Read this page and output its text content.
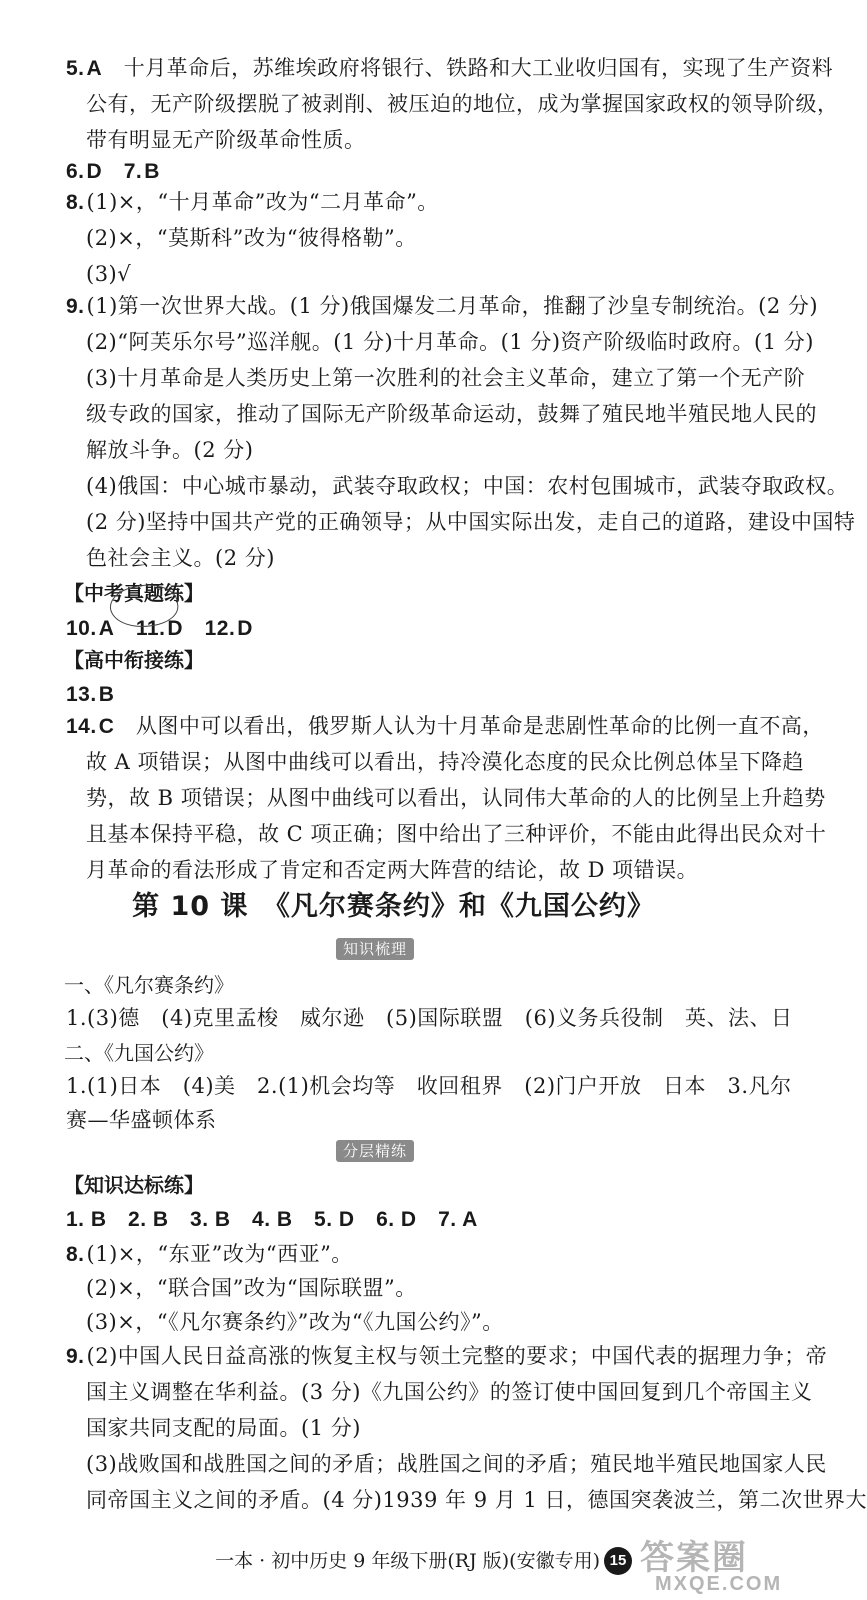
5.A　 十月革命后，苏维埃政府将银行、铁路和大工业收归国有，实现了生产资料
公有，无产阶级摆脱了被剥削、被压迫的地位，成为掌握国家政权的领导阶级，
带有明显无产阶级革命性质。
6.D　 7.B
8.(1)×，“十月革命”改为“二月革命”。
(2)×，“莫斯科”改为“彼得格勒”。
(3)√
9.(1)第一次世界大战。(1 分)俄国爆发二月革命，推翻了沙皇专制统治。(2 分)
(2)“阿芙乐尔号”巡洋舰。(1 分)十月革命。(1 分)资产阶级临时政府。(1 分)
(3)十月革命是人类历史上第一次胜利的社会主义革命，建立了第一个无产阶
级专政的国家，推动了国际无产阶级革命运动，鼓舞了殖民地半殖民地人民的
解放斗争。(2 分)
(4)俄国：中心城市暴动，武装夺取政权；中国：农村包围城市，武装夺取政权。
(2 分)坚持中国共产党的正确领导；从中国实际出发，走自己的道路，建设中国特
色社会主义。(2 分)
【中考真题练】
10.A　 11.D　 12.D
【高中衔接练】
13.B
14.C　 从图中可以看出，俄罗斯人认为十月革命是悲剧性革命的比例一直不高，
故 A 项错误；从图中曲线可以看出，持冷漠化态度的民众比例总体呈下降趋
势，故 B 项错误；从图中曲线可以看出，认同伟大革命的人的比例呈上升趋势
且基本保持平稳，故 C 项正确；图中给出了三种评价，不能由此得出民众对十
月革命的看法形成了肯定和否定两大阵营的结论，故 D 项错误。
第 10 课　《凡尔赛条约》和《九国公约》
知识梳理
一、《凡尔赛条约》
1.(3)德　(4)克里孟梭　威尔逊　(5)国际联盟　(6)义务兵役制　英、法、日
二、《九国公约》
1.(1)日本　(4)美　2.(1)机会均等　收回租界　(2)门户开放　日本　3.凡尔
赛—华盛顿体系
分层精练
【知识达标练】
1. B　2. B　3. B　4. B　5. D　6. D　7. A
8.(1)×，“东亚”改为“西亚”。
(2)×，“联合国”改为“国际联盟”。
(3)×，“《凡尔赛条约》”改为“《九国公约》”。
9.(2)中国人民日益高涨的恢复主权与领土完整的要求；中国代表的据理力争；帝
国主义调整在华利益。(3 分)《九国公约》的签订使中国回复到几个帝国主义
国家共同支配的局面。(1 分)
(3)战败国和战胜国之间的矛盾；战胜国之间的矛盾；殖民地半殖民地国家人民
同帝国主义之间的矛盾。(4 分)1939 年 9 月 1 日，德国突袭波兰，第二次世界大
一本 · 初中历史 9 年级下册(RJ 版)(安徽专用) 15 答案圈
MXQE.COM
